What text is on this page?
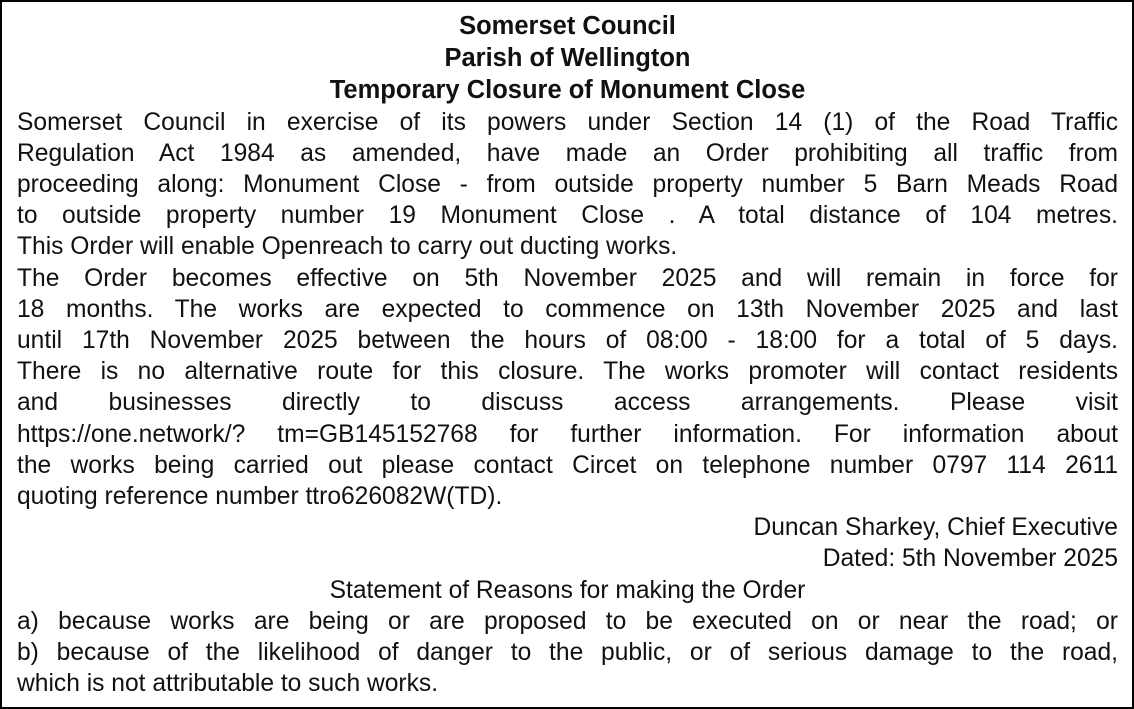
Somerset Council
Parish of Wellington
Temporary Closure of Monument Close
Somerset Council in exercise of its powers under Section 14 (1) of the Road Traffic
Regulation Act 1984 as amended, have made an Order prohibiting all traffic from
proceeding along: Monument Close - from outside property number 5 Barn Meads Road
to outside property number 19 Monument Close . A total distance of 104 metres.
This Order will enable Openreach to carry out ducting works.
The Order becomes effective on 5th November 2025 and will remain in force for
18 months. The works are expected to commence on 13th November 2025 and last
until 17th November 2025 between the hours of 08:00 - 18:00 for a total of 5 days.
There is no alternative route for this closure. The works promoter will contact residents
and businesses directly to discuss access arrangements. Please visit
https://one.network/? tm=GB145152768 for further information. For information about
the works being carried out please contact Circet on telephone number 0797 114 2611
quoting reference number ttro626082W(TD).
Duncan Sharkey, Chief Executive
Dated: 5th November 2025
Statement of Reasons for making the Order
a) because works are being or are proposed to be executed on or near the road; or
b) because of the likelihood of danger to the public, or of serious damage to the road,
which is not attributable to such works.
